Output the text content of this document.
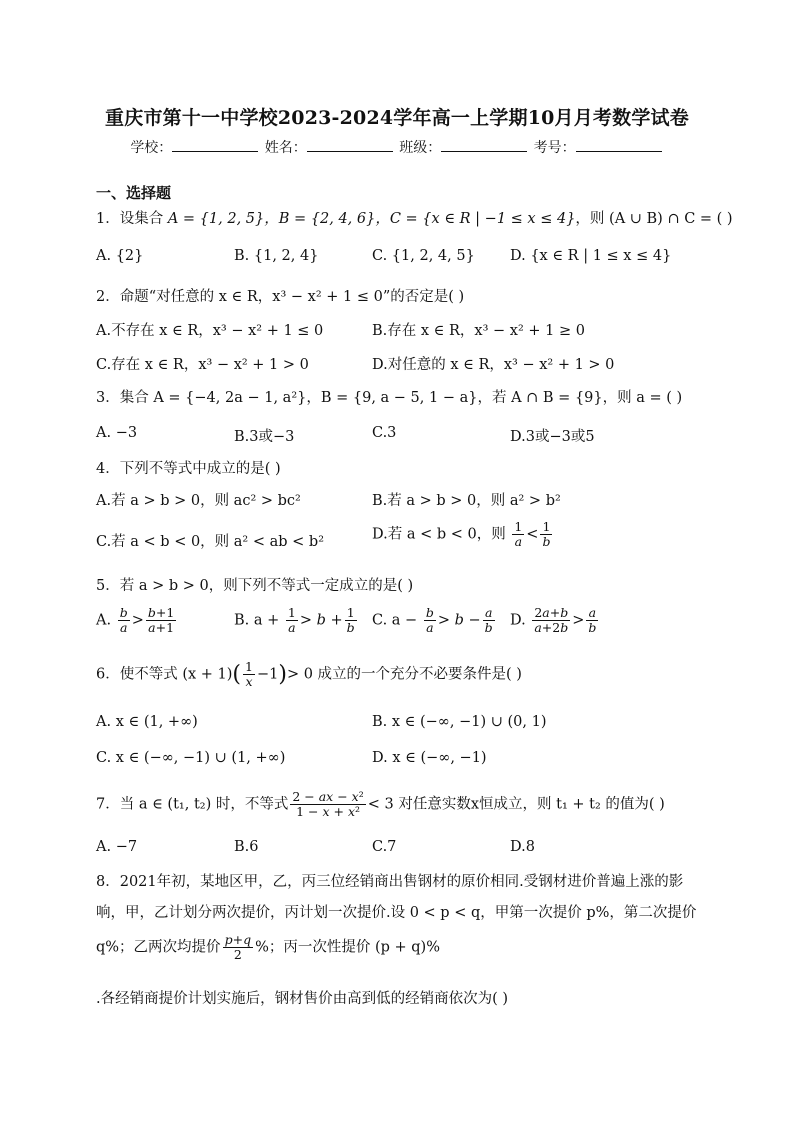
重庆市第十一中学校2023-2024学年高一上学期10月月考数学试卷
学校：	姓名：	班级：	考号：
一、选择题
1．设集合 A = {1, 2, 5}，B = {2, 4, 6}，C = {x ∈ R | −1 ≤ x ≤ 4}，则 (A ∪ B) ∩ C = ( )
A. {2}	B. {1, 2, 4}	C. {1, 2, 4, 5} D. {x ∈ R | 1 ≤ x ≤ 4}
2．命题“对任意的 x ∈ R，x³ − x² + 1 ≤ 0”的否定是( )
A.不存在 x ∈ R，x³ − x² + 1 ≤ 0	B.存在 x ∈ R，x³ − x² + 1 ≥ 0
C.存在 x ∈ R，x³ − x² + 1 > 0	D.对任意的 x ∈ R，x³ − x² + 1 > 0
3．集合 A = {−4, 2a − 1, a²}，B = {9, a − 5, 1 − a}，若 A ∩ B = {9}，则 a = ( )
A. −3	B.3或−3	C.3	D.3或−3或5
4．下列不等式中成立的是( )
A.若 a > b > 0，则 ac² > bc²	B.若 a > b > 0，则 a² > b²
C.若 a < b < 0，则 a² < ab < b²	D.若 a < b < 0，则 $\frac{1}{a} < \frac{1}{b}$
5．若 a > b > 0，则下列不等式一定成立的是( )
A. $\frac{b}{a} > \frac{b+1}{a+1}$	B. $a + \frac{1}{a} > b + \frac{1}{b} C$. $a - \frac{b}{a} > b - \frac{a}{b} D$. $\frac{2a+b}{a+2b} > \frac{a}{b}$
6．使不等式 $(x + 1)( \frac{1}{x} -1)> 0$ 成立的一个充分不必要条件是( )
A. x ∈ (1, +∞)	B. x ∈ (−∞, −1) ∪ (0, 1)
C. x ∈ (−∞, −1) ∪ (1, +∞)	D. x ∈ (−∞, −1)
7．当 a ∈ (t₁, t₂) 时，不等式 $\frac{\text{2 − ax − x²}}{\text{1 − x + x²}} < 3$ 对任意实数x恒成立，则 t₁ + t₂ 的值为( )
A. −7	B.6	C.7	D.8
8．2021年初，某地区甲，乙，丙三位经销商出售钢材的原价相同.受钢材进价普遍上涨的影
响，甲，乙计划分两次提价，丙计划一次提价.设 0 < p < q，甲第一次提价 p%，第二次提价
q%；乙两次均提价 $\frac{p+q}{2}$ %；丙一次性提价 (p + q)%
.各经销商提价计划实施后，钢材售价由高到低的经销商依次为( )
